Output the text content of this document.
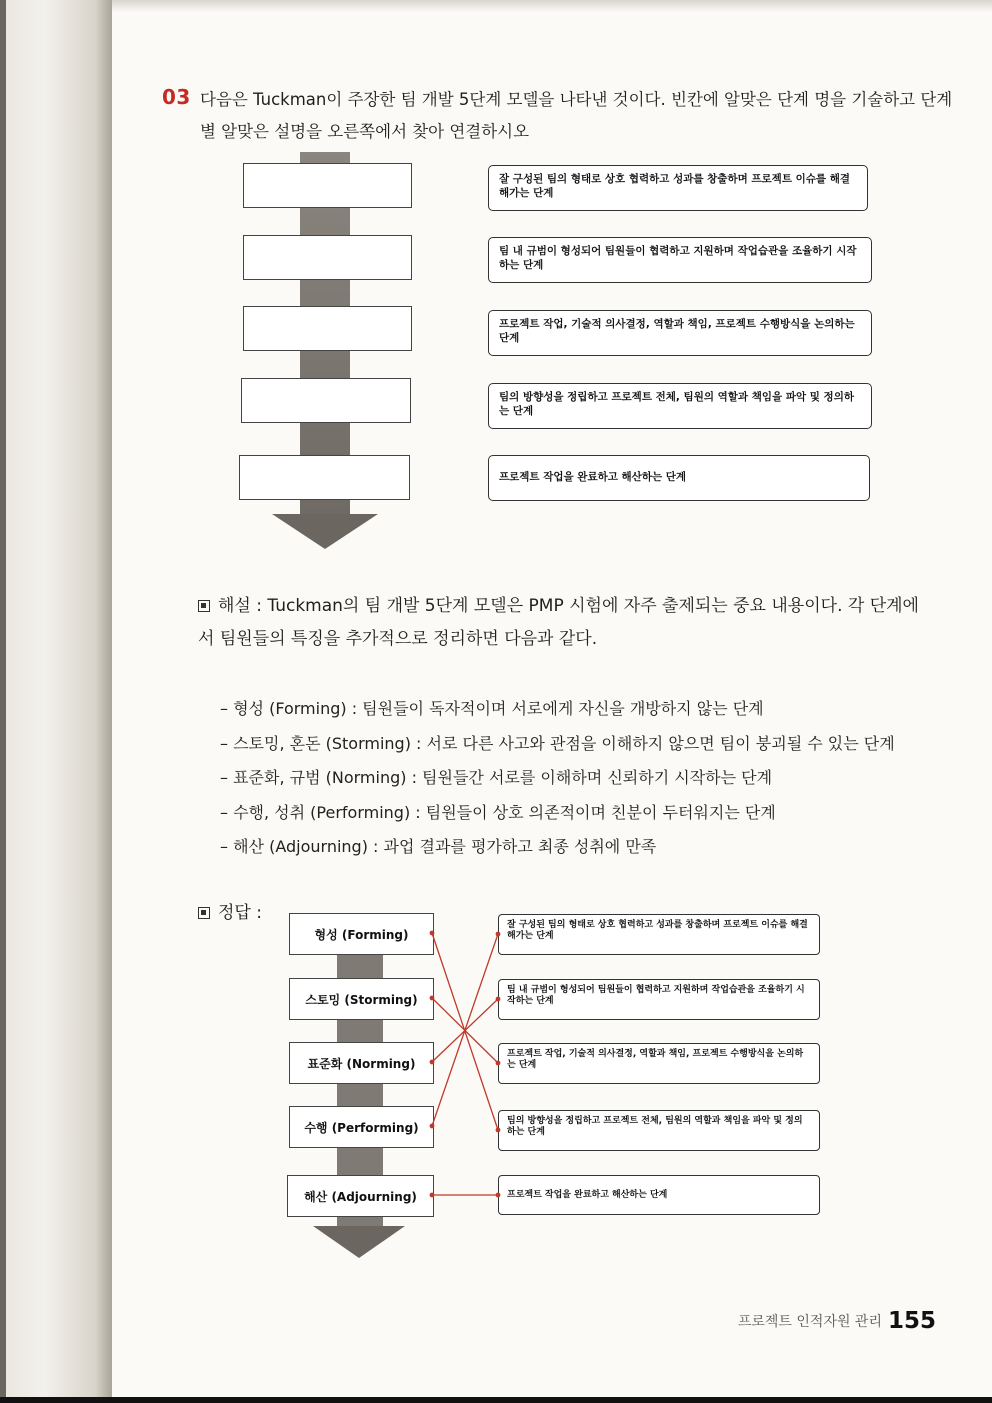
03 다음은 Tuckman이 주장한 팀 개발 5단계 모델을 나타낸 것이다. 빈칸에 알맞은 단계 명을 기술하고 단계별 알맞은 설명을 오른쪽에서 찾아 연결하시오
잘 구성된 팀의 형태로 상호 협력하고 성과를 창출하며 프로젝트 이슈를 해결해가는 단계
팀 내 규범이 형성되어 팀원들이 협력하고 지원하며 작업습관을 조율하기 시작하는 단계
프로젝트 작업, 기술적 의사결정, 역할과 책임, 프로젝트 수행방식을 논의하는 단계
팀의 방향성을 정립하고 프로젝트 전체, 팀원의 역할과 책임을 파악 및 정의하는 단계
프로젝트 작업을 완료하고 해산하는 단계
해설 : Tuckman의 팀 개발 5단계 모델은 PMP 시험에 자주 출제되는 중요 내용이다. 각 단계에서 팀원들의 특징을 추가적으로 정리하면 다음과 같다.
– 형성 (Forming) : 팀원들이 독자적이며 서로에게 자신을 개방하지 않는 단계
– 스토밍, 혼돈 (Storming) : 서로 다른 사고와 관점을 이해하지 않으면 팀이 붕괴될 수 있는 단계
– 표준화, 규범 (Norming) : 팀원들간 서로를 이해하며 신뢰하기 시작하는 단계
– 수행, 성취 (Performing) : 팀원들이 상호 의존적이며 친분이 두터워지는 단계
– 해산 (Adjourning) : 과업 결과를 평가하고 최종 성취에 만족
정답 :
형성 (Forming)
스토밍 (Storming)
표준화 (Norming)
수행 (Performing)
해산 (Adjourning)
잘 구성된 팀의 형태로 상호 협력하고 성과를 창출하며 프로젝트 이슈를 해결해가는 단계
팀 내 규범이 형성되어 팀원들이 협력하고 지원하며 작업습관을 조율하기 시작하는 단계
프로젝트 작업, 기술적 의사결정, 역할과 책임, 프로젝트 수행방식을 논의하는 단계
팀의 방향성을 정립하고 프로젝트 전체, 팀원의 역할과 책임을 파악 및 정의하는 단계
프로젝트 작업을 완료하고 해산하는 단계
프로젝트 인적자원 관리 155
